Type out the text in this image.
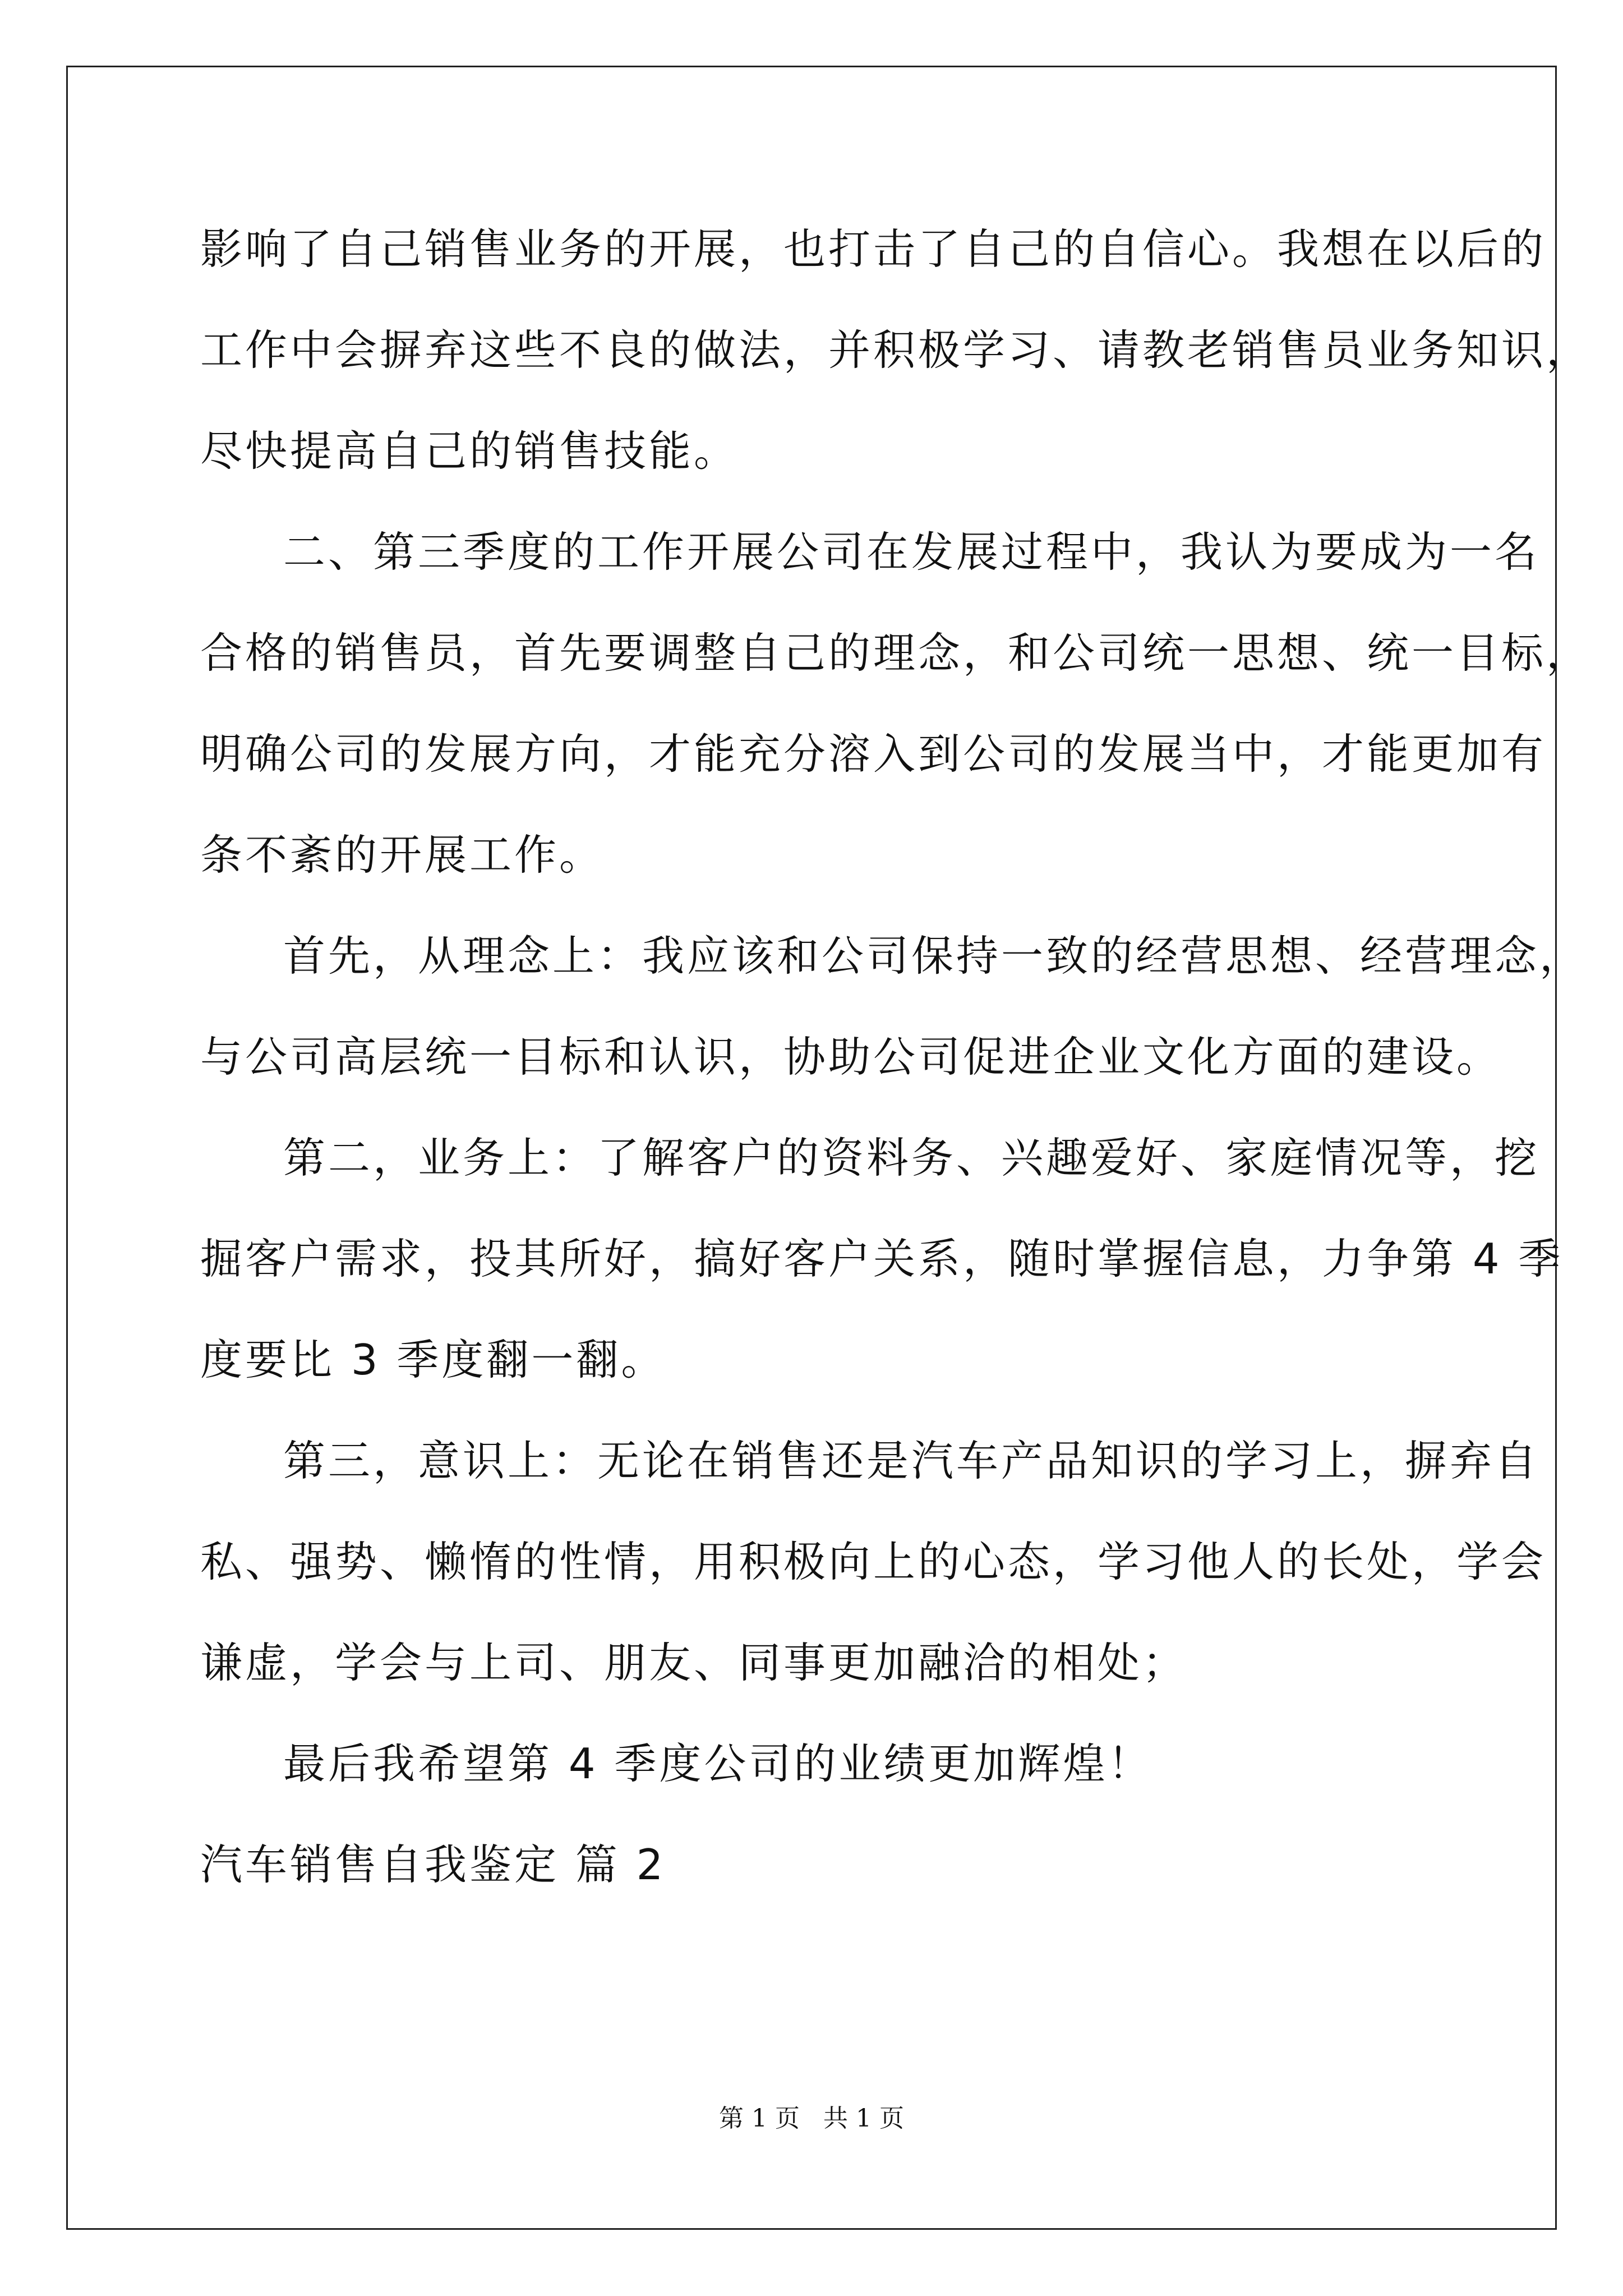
影响了自己销售业务的开展，也打击了自己的自信心。我想在以后的
工作中会摒弃这些不良的做法，并积极学习、请教老销售员业务知识，
尽快提高自己的销售技能。
二、第三季度的工作开展公司在发展过程中，我认为要成为一名
合格的销售员，首先要调整自己的理念，和公司统一思想、统一目标，
明确公司的发展方向，才能充分溶入到公司的发展当中，才能更加有
条不紊的开展工作。
首先，从理念上：我应该和公司保持一致的经营思想、经营理念，
与公司高层统一目标和认识，协助公司促进企业文化方面的建设。
第二，业务上：了解客户的资料务、兴趣爱好、家庭情况等，挖
掘客户需求，投其所好，搞好客户关系，随时掌握信息，力争第 4 季
度要比 3 季度翻一翻。
第三，意识上：无论在销售还是汽车产品知识的学习上，摒弃自
私、强势、懒惰的性情，用积极向上的心态，学习他人的长处，学会
谦虚，学会与上司、朋友、同事更加融洽的相处；
最后我希望第 4 季度公司的业绩更加辉煌！
汽车销售自我鉴定 篇 2
第 1 页   共 1 页
